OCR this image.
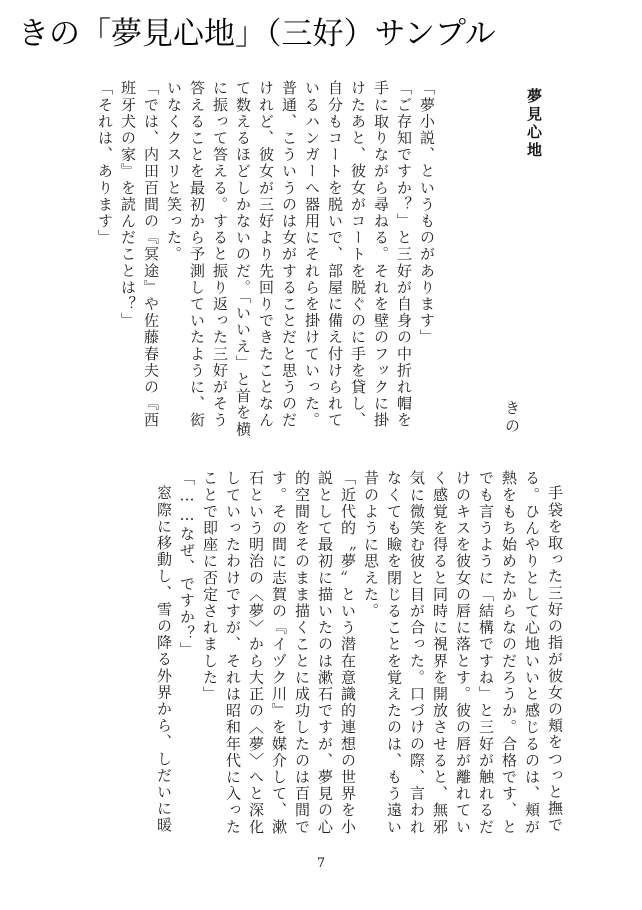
きの「夢見心地」（三好）サンプル
夢見心地
きの

「夢小説、というものがあります」

「ご存知ですか？」と三好が自身の中折れ帽を手に取りながら尋ねる。それを壁のフックに掛けたあと、彼女がコートを脱ぐのに手を貸し、自分もコートを脱いで、部屋に備え付けられているハンガーへ器用にそれらを掛けていった。普通、こういうのは女がすることだと思うのだけれど、彼女が三好より先回りできたことなんて数えるほどしかないのだ。「いいえ」と首を横に振って答える。すると振り返った三好がそう答えることを最初から予測していたように、衒いなくクスリと笑った。

「では、内田百間の『冥途』や佐藤春夫の『西班牙犬の家』を読んだことは？」

「それは、あります」

手袋を取った三好の指が彼女の頬をつっと撫でる。ひんやりとして心地いいと感じるのは、頬が熱をもち始めたからなのだろうか。合格です、とでも言うように「結構ですね」と三好が触れるだけのキスを彼女の唇に落とす。彼の唇が離れていく感覚を得ると同時に視界を開放させると、無邪気に微笑む彼と目が合った。口づけの際、言われなくても瞼を閉じることを覚えたのは、もう遠い昔のように思えた。

「近代的〝夢〟という潜在意識的連想の世界を小説として最初に描いたのは漱石ですが、夢見の心的空間をそのまま描くことに成功したのは百間です。その間に志賀の『イヅク川』を媒介して、漱石という明治の〈夢〉から大正の〈夢〉へと深化していったわけですが、それは昭和年代に入ったことで即座に否定されました」

「……なぜ、ですか？」

窓際に移動し、雪の降る外界から、しだいに暖

7
